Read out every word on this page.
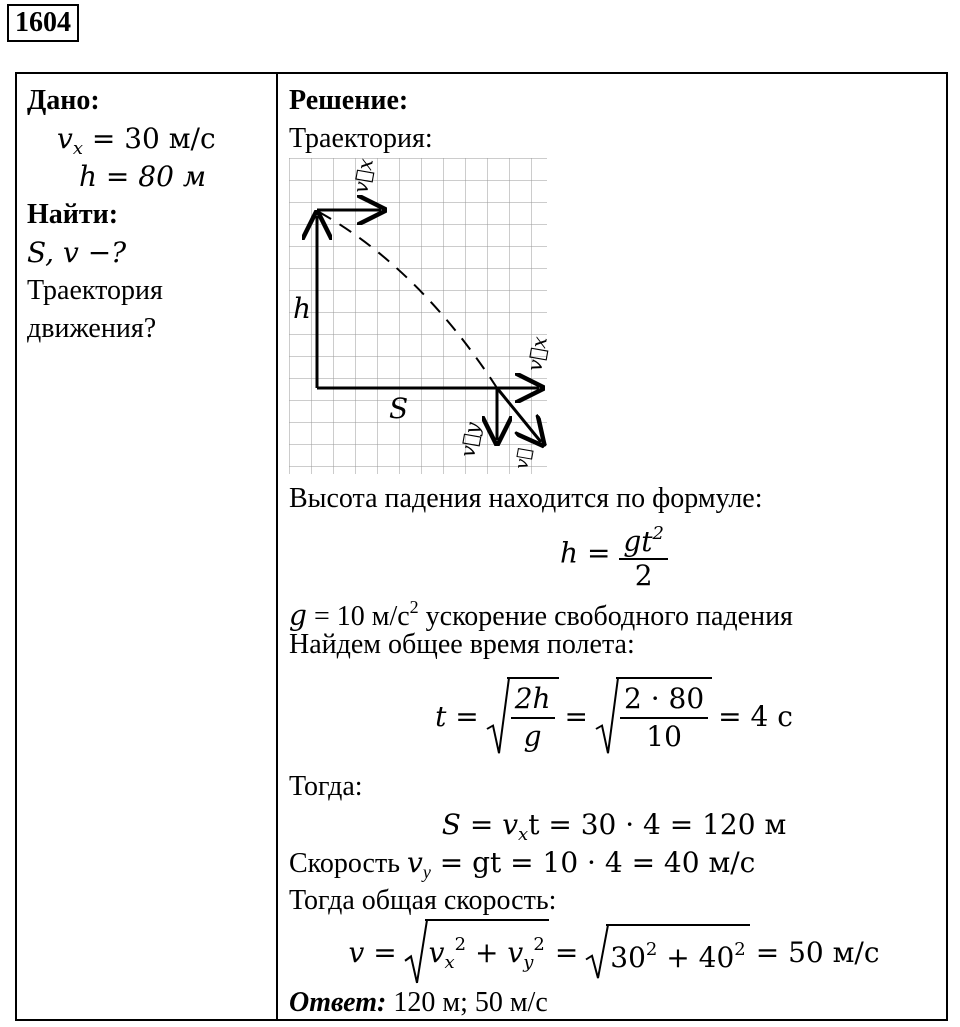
1604
Дано:
$v_x = 30$ м/с
h = 80 м
Найти:
S, v −?
Траектория
движения?
Решение:
Траектория:
v⃗x
h
S
v⃗x
v⃗y v⃗
Высота падения находится по формуле:
$h = \frac{gt^2}{2}$
g = 10 $м/с^2$ ускорение свободного падения
Найдем общее время полета:
$t = \frac{2h}{g} = \frac{2 \cdot 80}{10} = 4$ с
Тогда:
$S = v_xt = 30 \cdot 4 = 120$ м
Скорость $v_y$ = gt = 10 · 4 = 40 м/с
Тогда общая скорость:
v =	$v_x^2 + v_y^2$ =	$30^2 + 40^2 = 50$ м/с
Ответ: 120 м; 50 м/с
